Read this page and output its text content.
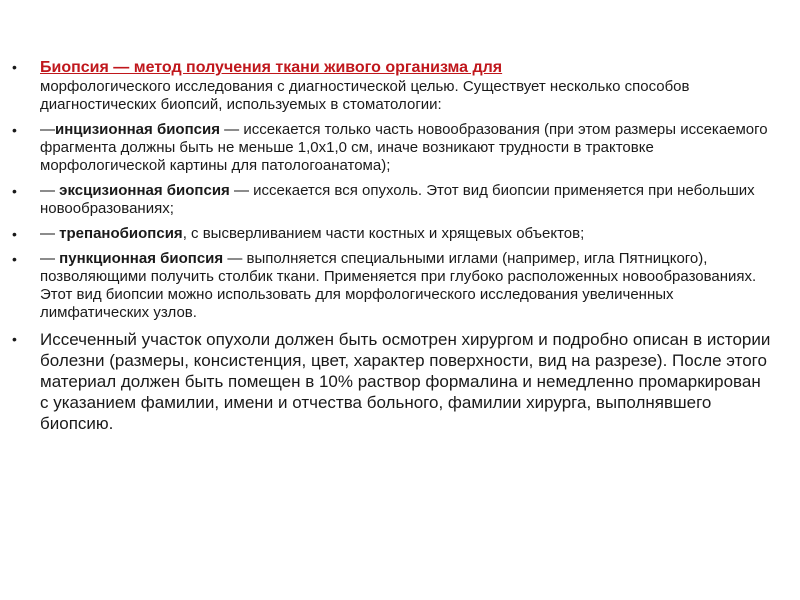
• Биопсия — метод получения ткани живого организма для
морфологического исследования с диагностической целью. Существует несколько способов диагностических биопсий, используемых в стоматологии:
• —инцизионная биопсия — иссекается только часть новообразования (при этом размеры иссекаемого фрагмента должны быть не меньше 1,0х1,0 см, иначе возникают трудности в трактовке морфологической картины для патологоанатома);
• — эксцизионная биопсия — иссекается вся опухоль. Этот вид биопсии применяется при небольших новообразованиях;
• — трепанобиопсия, с высверливанием части костных и хрящевых объектов;
• — пункционная биопсия — выполняется специальными иглами (например, игла Пятницкого), позволяющими получить столбик ткани. Применяется при глубоко расположенных новообразованиях. Этот вид биопсии можно использовать для морфологического исследования увеличенных лимфатических узлов.
• Иссеченный участок опухоли должен быть осмотрен хирургом и подробно описан в истории болезни (размеры, консистенция, цвет, характер поверхности, вид на разрезе). После этого материал должен быть помещен в 10% раствор формалина и немедленно промаркирован с указанием фамилии, имени и отчества больного, фамилии хирурга, выполнявшего биопсию.
